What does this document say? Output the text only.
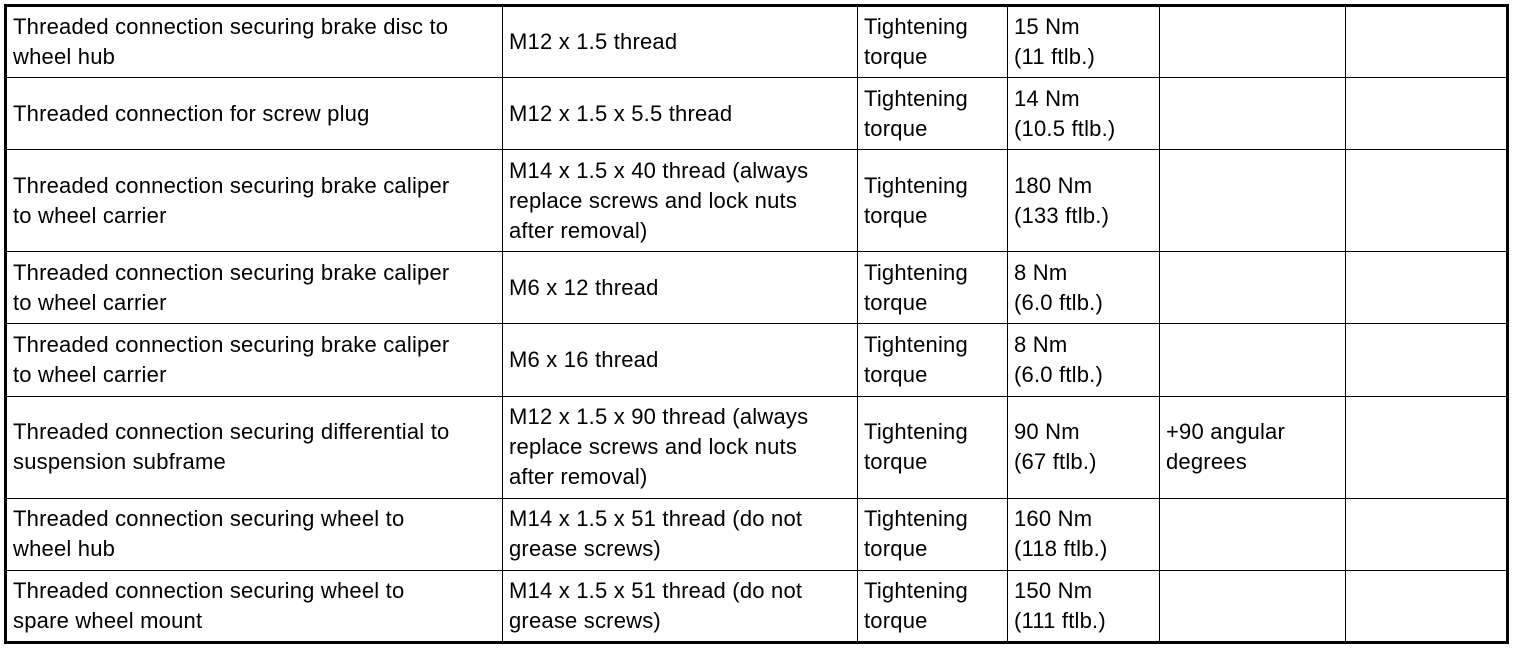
Threaded connection securing brake disc to
wheel hub	M12 x 1.5 thread	Tightening
torque	15 Nm
(11 ftlb.)		

Threaded connection for screw plug	M12 x 1.5 x 5.5 thread	Tightening
torque	14 Nm
(10.5 ftlb.)		

Threaded connection securing brake caliper
to wheel carrier	M14 x 1.5 x 40 thread (always
replace screws and lock nuts
after removal)	Tightening
torque	180 Nm
(133 ftlb.)		

Threaded connection securing brake caliper
to wheel carrier	M6 x 12 thread	Tightening
torque	8 Nm
(6.0 ftlb.)		

Threaded connection securing brake caliper
to wheel carrier	M6 x 16 thread	Tightening
torque	8 Nm
(6.0 ftlb.)		

Threaded connection securing differential to
suspension subframe	M12 x 1.5 x 90 thread (always
replace screws and lock nuts
after removal)	Tightening
torque	90 Nm
(67 ftlb.)	+90 angular
degrees	

Threaded connection securing wheel to
wheel hub	M14 x 1.5 x 51 thread (do not
grease screws)	Tightening
torque	160 Nm
(118 ftlb.)		

Threaded connection securing wheel to
spare wheel mount	M14 x 1.5 x 51 thread (do not
grease screws)	Tightening
torque	150 Nm
(111 ftlb.)		
